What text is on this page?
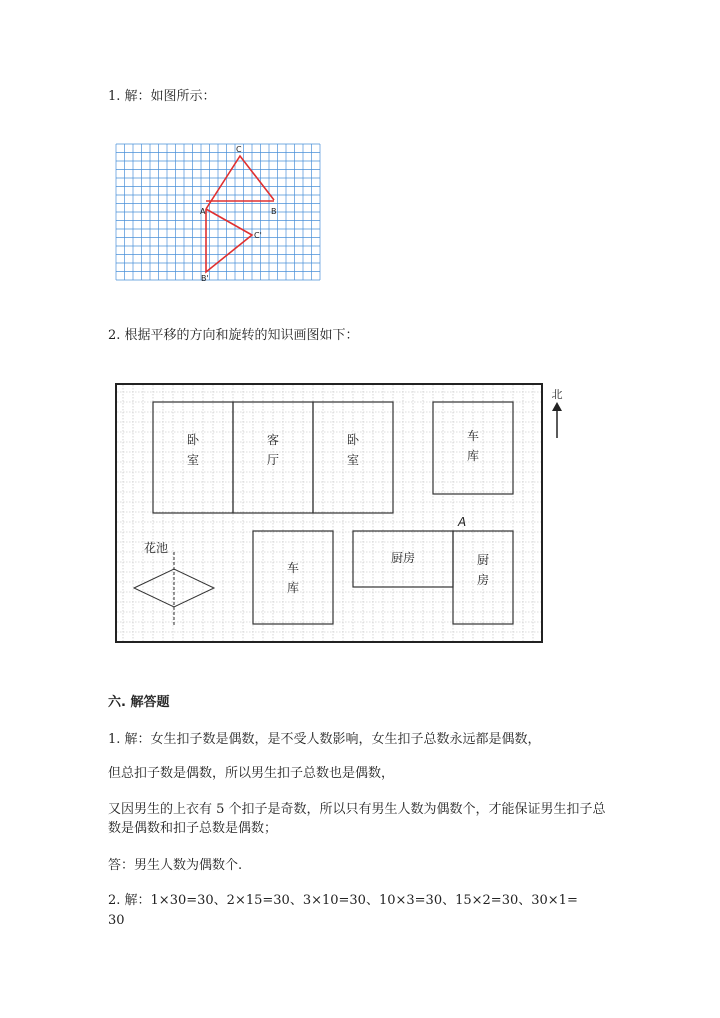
1. 解：如图所示：
C
A	B
C'
B'
2. 根据平移的方向和旋转的知识画图如下：
卧
室
客
厅
卧
室
车
库
A
花池
车
库
厨房	厨
房
北
六. 解答题
1. 解：女生扣子数是偶数，是不受人数影响，女生扣子总数永远都是偶数，
但总扣子数是偶数，所以男生扣子总数也是偶数，
又因男生的上衣有 5 个扣子是奇数，所以只有男生人数为偶数个，才能保证男生扣子总数是偶数和扣子总数是偶数；
答：男生人数为偶数个.
2. 解：1×30=30、2×15=30、3×10=30、10×3=30、15×2=30、30×1=
30
